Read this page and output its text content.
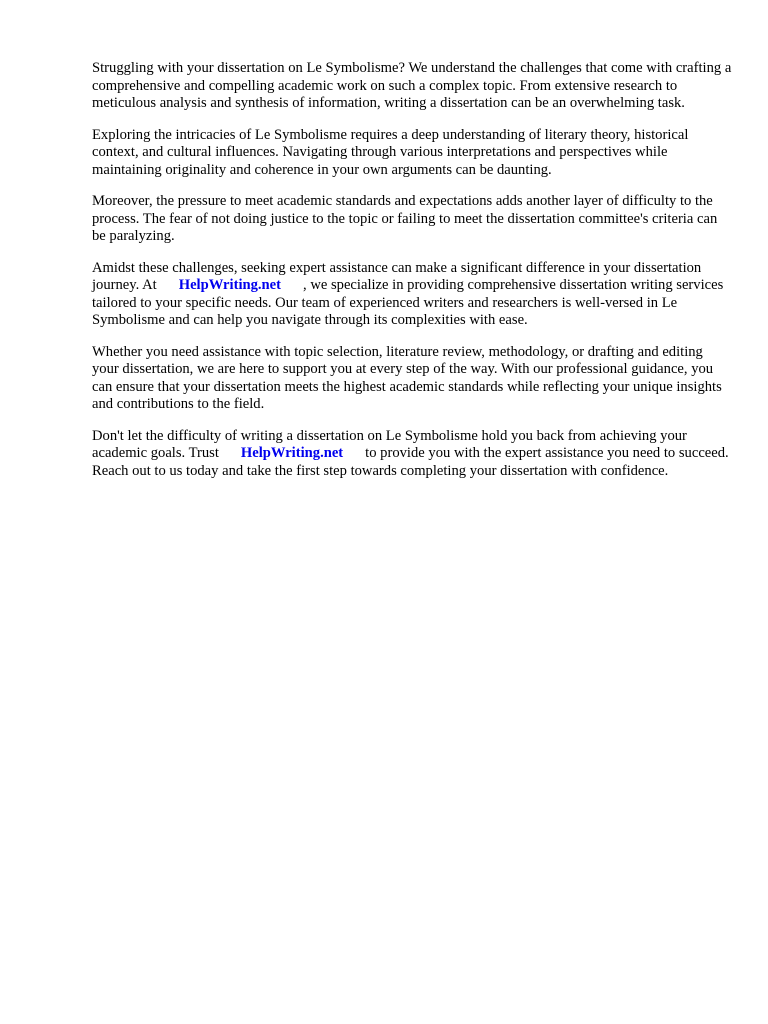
Struggling with your dissertation on Le Symbolisme? We understand the challenges that come with crafting a comprehensive and compelling academic work on such a complex topic. From extensive research to meticulous analysis and synthesis of information, writing a dissertation can be an overwhelming task.

Exploring the intricacies of Le Symbolisme requires a deep understanding of literary theory, historical context, and cultural influences. Navigating through various interpretations and perspectives while maintaining originality and coherence in your own arguments can be daunting.

Moreover, the pressure to meet academic standards and expectations adds another layer of difficulty to the process. The fear of not doing justice to the topic or failing to meet the dissertation committee's criteria can be paralyzing.

Amidst these challenges, seeking expert assistance can make a significant difference in your dissertation journey. At HelpWriting.net , we specialize in providing comprehensive dissertation writing services tailored to your specific needs. Our team of experienced writers and researchers is well-versed in Le Symbolisme and can help you navigate through its complexities with ease.

Whether you need assistance with topic selection, literature review, methodology, or drafting and editing your dissertation, we are here to support you at every step of the way. With our professional guidance, you can ensure that your dissertation meets the highest academic standards while reflecting your unique insights and contributions to the field.

Don't let the difficulty of writing a dissertation on Le Symbolisme hold you back from achieving your academic goals. Trust HelpWriting.net to provide you with the expert assistance you need to succeed. Reach out to us today and take the first step towards completing your dissertation with confidence.
